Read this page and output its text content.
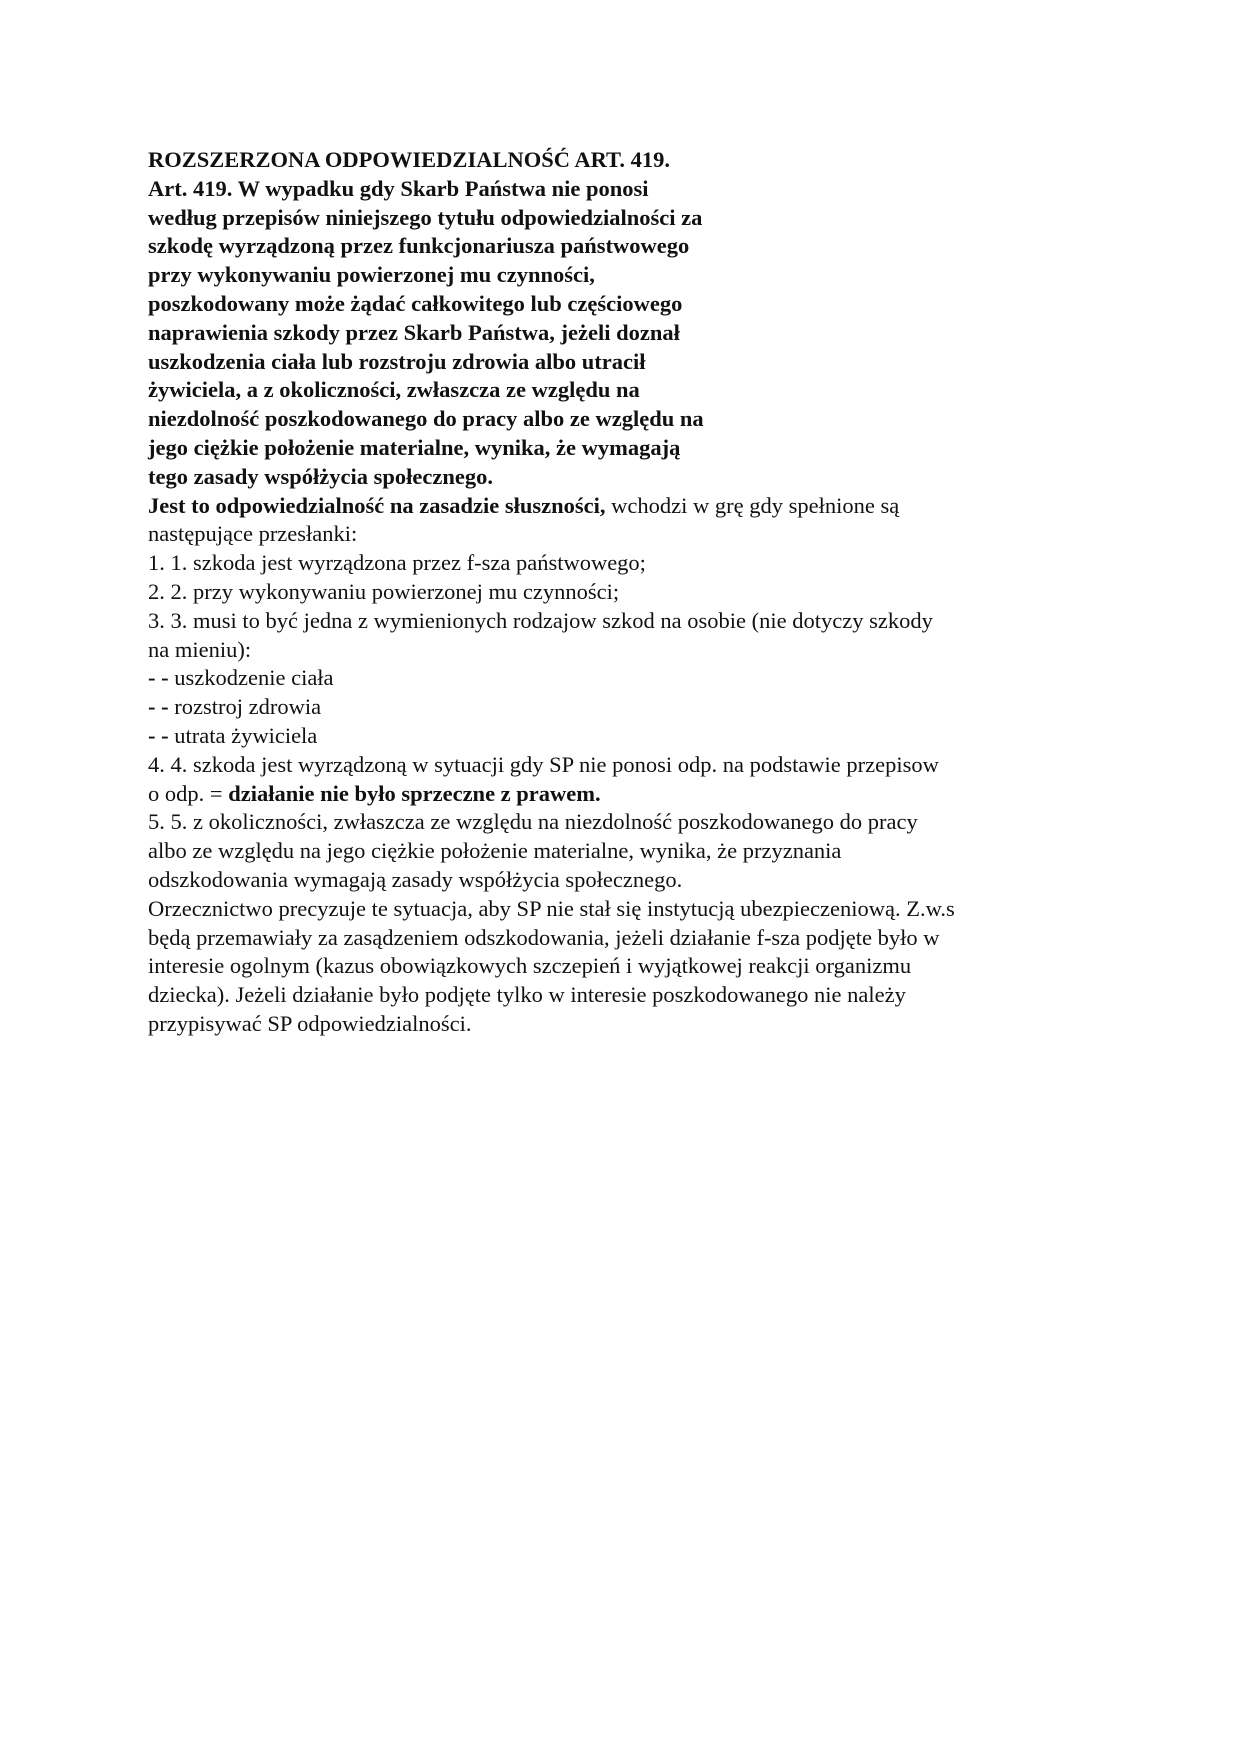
ROZSZERZONA ODPOWIEDZIALNOŚĆ ART. 419.
Art. 419. W wypadku gdy Skarb Państwa nie ponosi
według przepisów niniejszego tytułu odpowiedzialności za
szkodę wyrządzoną przez funkcjonariusza państwowego
przy wykonywaniu powierzonej mu czynności,
poszkodowany może żądać całkowitego lub częściowego
naprawienia szkody przez Skarb Państwa, jeżeli doznał
uszkodzenia ciała lub rozstroju zdrowia albo utracił
żywiciela, a z okoliczności, zwłaszcza ze względu na
niezdolność poszkodowanego do pracy albo ze względu na
jego ciężkie położenie materialne, wynika, że wymagają
tego zasady współżycia społecznego.
Jest to odpowiedzialność na zasadzie słuszności, wchodzi w grę gdy spełnione są
następujące przesłanki:
1. 1. szkoda jest wyrządzona przez f-sza państwowego;
2. 2. przy wykonywaniu powierzonej mu czynności;
3. 3. musi to być jedna z wymienionych rodzajow szkod na osobie (nie dotyczy szkody
na mieniu):
- - uszkodzenie ciała
- - rozstroj zdrowia
- - utrata żywiciela
4. 4. szkoda jest wyrządzoną w sytuacji gdy SP nie ponosi odp. na podstawie przepisow
o odp. = działanie nie było sprzeczne z prawem.
5. 5. z okoliczności, zwłaszcza ze względu na niezdolność poszkodowanego do pracy
albo ze względu na jego ciężkie położenie materialne, wynika, że przyznania
odszkodowania wymagają zasady współżycia społecznego.
Orzecznictwo precyzuje te sytuacja, aby SP nie stał się instytucją ubezpieczeniową. Z.w.s
będą przemawiały za zasądzeniem odszkodowania, jeżeli działanie f-sza podjęte było w
interesie ogolnym (kazus obowiązkowych szczepień i wyjątkowej reakcji organizmu
dziecka). Jeżeli działanie było podjęte tylko w interesie poszkodowanego nie należy
przypisywać SP odpowiedzialności.
